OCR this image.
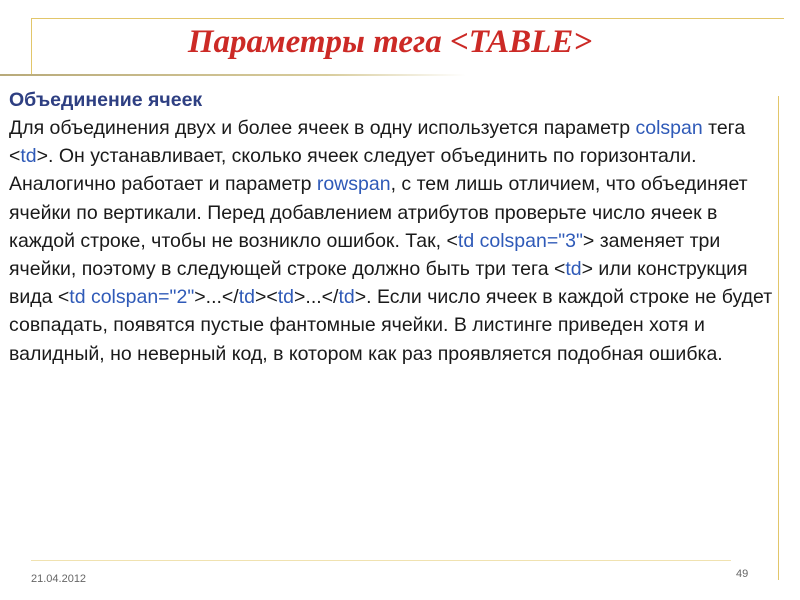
Параметры тега <TABLE>
Объединение ячеек
Для объединения двух и более ячеек в одну используется параметр colspan тега <td>. Он устанавливает, сколько ячеек следует объединить по горизонтали. Аналогично работает и параметр rowspan, с тем лишь отличием, что объединяет ячейки по вертикали. Перед добавлением атрибутов проверьте число ячеек в каждой строке, чтобы не возникло ошибок. Так, <td colspan="3"> заменяет три ячейки, поэтому в следующей строке должно быть три тега <td> или конструкция вида <td colspan="2">...</td><td>...</td>. Если число ячеек в каждой строке не будет совпадать, появятся пустые фантомные ячейки. В листинге приведен хотя и валидный, но неверный код, в котором как раз проявляется подобная ошибка.
21.04.2012	49
